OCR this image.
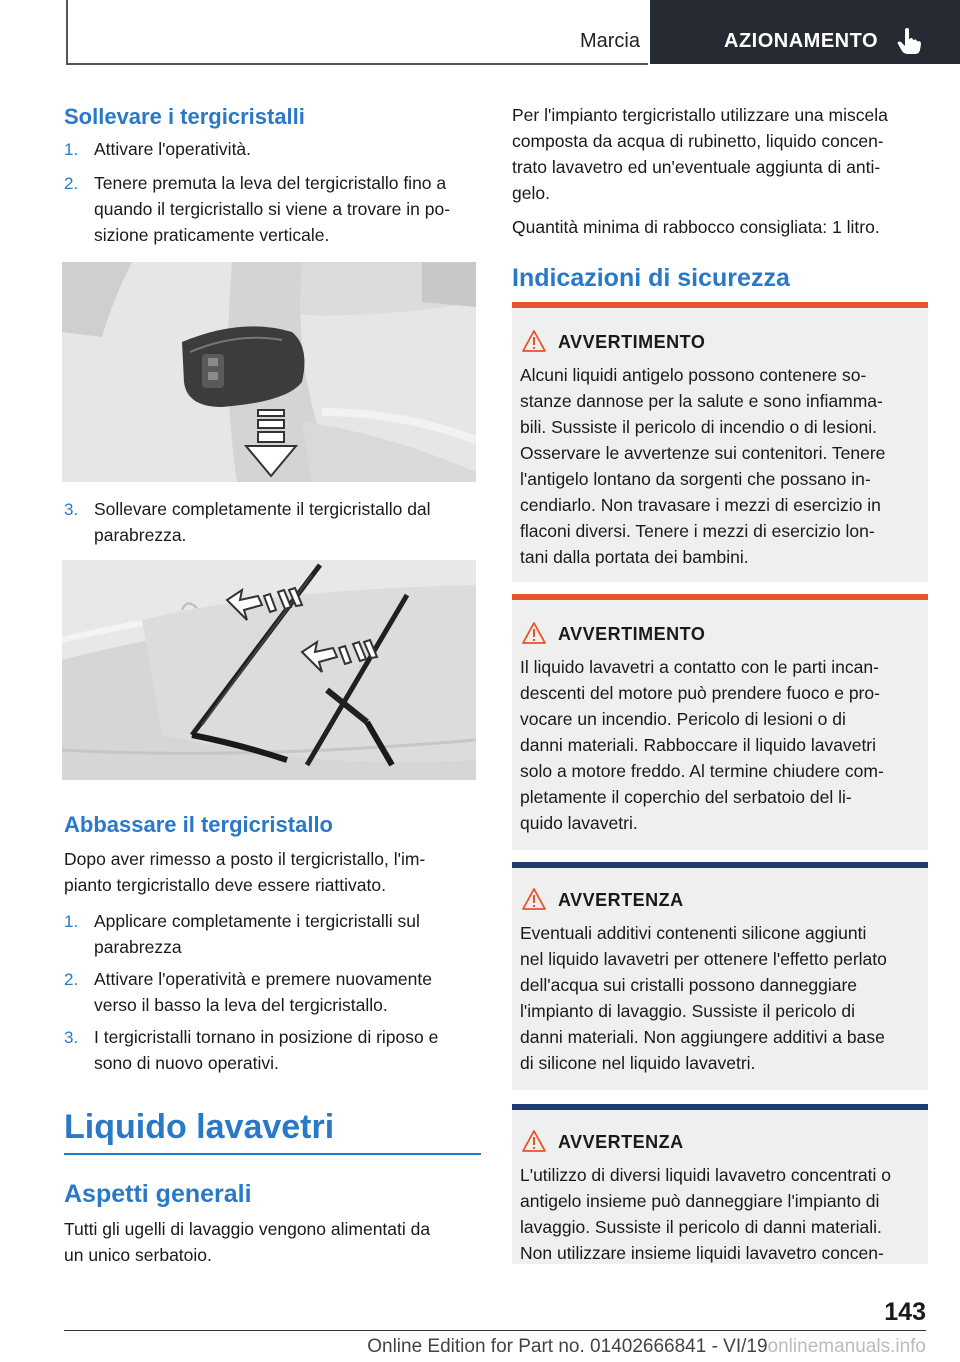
Marcia	AZIONAMENTO
Sollevare i tergicristalli
1. Attivare l'operatività.
2. Tenere premuta la leva del tergicristallo fino a
quando il tergicristallo si viene a trovare in po‐
sizione praticamente verticale.
3. Sollevare completamente il tergicristallo dal
parabrezza.
Abbassare il tergicristallo
Dopo aver rimesso a posto il tergicristallo, l'im‐
pianto tergicristallo deve essere riattivato.
1. Applicare completamente i tergicristalli sul
parabrezza
2. Attivare l'operatività e premere nuovamente
verso il basso la leva del tergicristallo.
3. I tergicristalli tornano in posizione di riposo e
sono di nuovo operativi.
Liquido lavavetri
Aspetti generali
Tutti gli ugelli di lavaggio vengono alimentati da
un unico serbatoio.
Per l'impianto tergicristallo utilizzare una miscela
composta da acqua di rubinetto, liquido concen‐
trato lavavetro ed un'eventuale aggiunta di anti‐
gelo.
Quantità minima di rabbocco consigliata: 1 litro.
Indicazioni di sicurezza
AVVERTIMENTO
Alcuni liquidi antigelo possono contenere so‐
stanze dannose per la salute e sono infiamma‐
bili. Sussiste il pericolo di incendio o di lesioni.
Osservare le avvertenze sui contenitori. Tenere
l'antigelo lontano da sorgenti che possano in‐
cendiarlo. Non travasare i mezzi di esercizio in
flaconi diversi. Tenere i mezzi di esercizio lon‐
tani dalla portata dei bambini.
AVVERTIMENTO
Il liquido lavavetri a contatto con le parti incan‐
descenti del motore può prendere fuoco e pro‐
vocare un incendio. Pericolo di lesioni o di
danni materiali. Rabboccare il liquido lavavetri
solo a motore freddo. Al termine chiudere com‐
pletamente il coperchio del serbatoio del li‐
quido lavavetri.
AVVERTENZA
Eventuali additivi contenenti silicone aggiunti
nel liquido lavavetri per ottenere l'effetto perlato
dell'acqua sui cristalli possono danneggiare
l'impianto di lavaggio. Sussiste il pericolo di
danni materiali. Non aggiungere additivi a base
di silicone nel liquido lavavetri.
AVVERTENZA
L'utilizzo di diversi liquidi lavavetro concentrati o
antigelo insieme può danneggiare l'impianto di
lavaggio. Sussiste il pericolo di danni materiali.
Non utilizzare insieme liquidi lavavetro concen‐
143
Online Edition for Part no. 01402666841 - VI/19onlinemanuals.info
